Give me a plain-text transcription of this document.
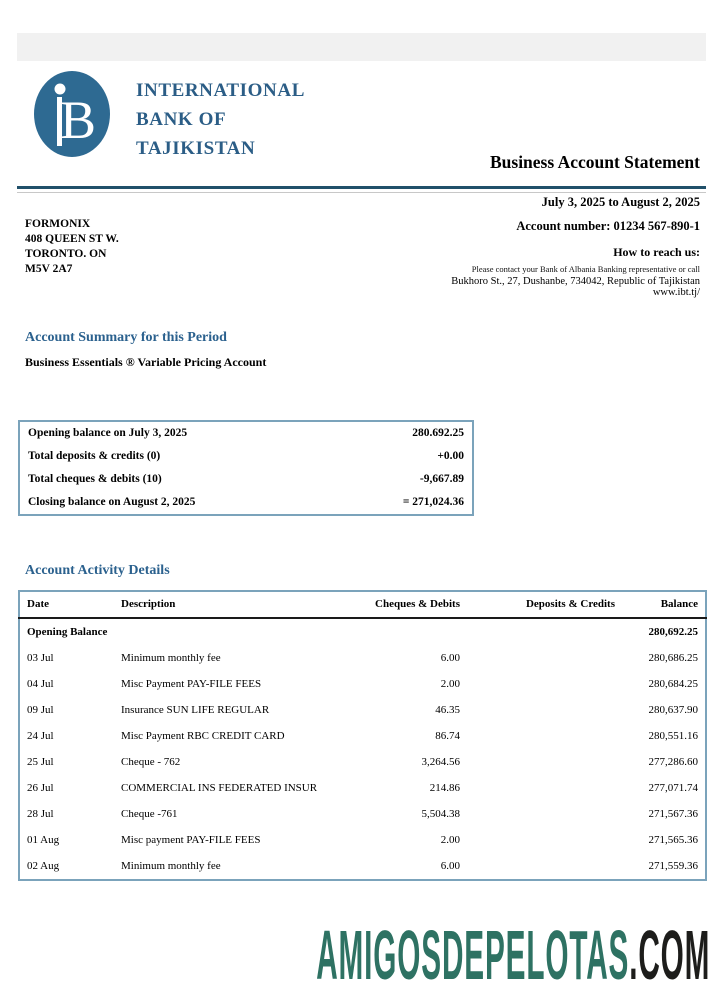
B INTERNATIONAL
BANK OF
TAJIKISTAN
Business Account Statement
July 3, 2025 to August 2, 2025
FORMONIX
408 QUEEN ST W.
TORONTO. ON
M5V 2A7
Account number: 01234 567-890-1
How to reach us:
Please contact your Bank of Albania Banking representative or call
Bukhoro St., 27, Dushanbe, 734042, Republic of Tajikistan
www.ibt.tj/
Account Summary for this Period
Business Essentials ® Variable Pricing Account
Opening balance on July 3, 2025	280.692.25
Total deposits & credits (0)	+0.00
Total cheques & debits (10)	-9,667.89
Closing balance on August 2, 2025	= 271,024.36
Account Activity Details
Date	Description	Cheques & Debits	Deposits & Credits	Balance
Opening Balance				280,692.25
03 Jul	Minimum monthly fee	6.00		280,686.25
04 Jul	Misc Payment PAY-FILE FEES	2.00		280,684.25
09 Jul	Insurance SUN LIFE REGULAR	46.35		280,637.90
24 Jul	Misc Payment RBC CREDIT CARD	86.74		280,551.16
25 Jul	Cheque - 762	3,264.56		277,286.60
26 Jul	COMMERCIAL INS FEDERATED INSUR	214.86		277,071.74
28 Jul	Cheque -761	5,504.38		271,567.36
01 Aug	Misc payment PAY-FILE FEES	2.00		271,565.36
02 Aug	Minimum monthly fee	6.00		271,559.36
AMIGOSDEPELOTAS.COM
